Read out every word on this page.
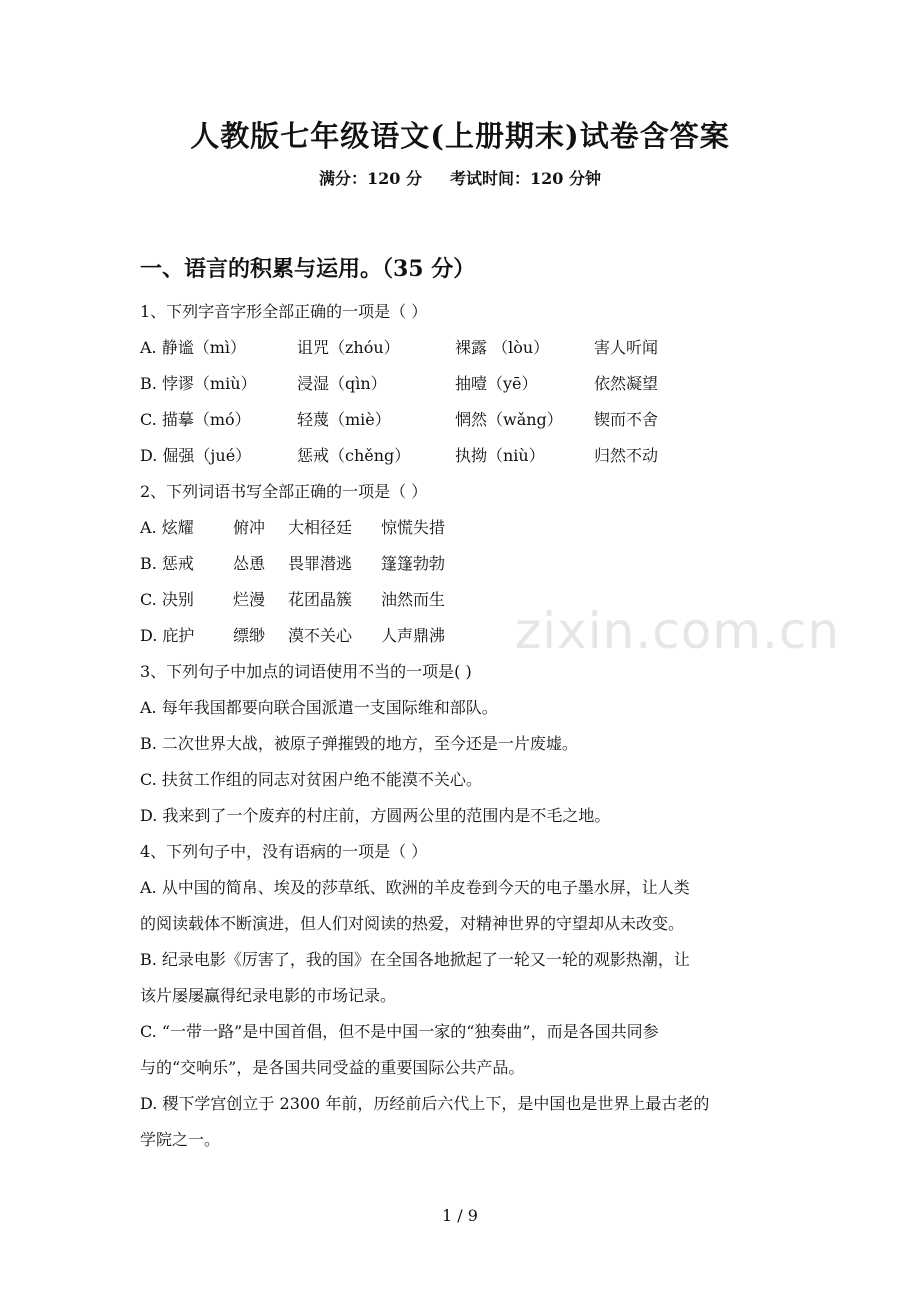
人教版七年级语文(上册期末)试卷含答案
满分：120 分 考试时间：120 分钟
一、语言的积累与运用。（35 分）
1、下列字音字形全部正确的一项是（ ）
A. 静谧（mì）	诅咒（zhóu）	裸露 （lòu）	害人听闻
B. 悖谬（miù）	浸湿（qìn）	抽噎（yē）	依然凝望
C. 描摹（mó）	轻蔑（miè）	惘然（wǎng） 锲而不舍
D. 倔强（jué）	惩戒（chěng）	执拗（niù）	归然不动
2、下列词语书写全部正确的一项是（ ）
A. 炫耀 俯冲 大相径廷 惊慌失措
B. 惩戒 怂恿 畏罪潜逃 篷篷勃勃
C. 决别 烂漫 花团晶簇 油然而生
D. 庇护 缥缈 漠不关心 人声鼎沸 zixin.com.cn
3、下列句子中加点的词语使用不当的一项是( )
A. 每年我国都要向联合国派遣一支国际维和部队。
B. 二次世界大战，被原子弹摧毁的地方，至今还是一片废墟。
C. 扶贫工作组的同志对贫困户绝不能漠不关心。
D. 我来到了一个废弃的村庄前，方圆两公里的范围内是不毛之地。
4、下列句子中，没有语病的一项是（ ）
A. 从中国的简帛、埃及的莎草纸、欧洲的羊皮卷到今天的电子墨水屏，让人类
的阅读载体不断演进，但人们对阅读的热爱，对精神世界的守望却从未改变。
B. 纪录电影《厉害了，我的国》在全国各地掀起了一轮又一轮的观影热潮，让
该片屡屡赢得纪录电影的市场记录。
C. “一带一路”是中国首倡，但不是中国一家的“独奏曲”，而是各国共同参
与的“交响乐”，是各国共同受益的重要国际公共产品。
D. 稷下学宫创立于 2300 年前，历经前后六代上下，是中国也是世界上最古老的
学院之一。
1 / 9
